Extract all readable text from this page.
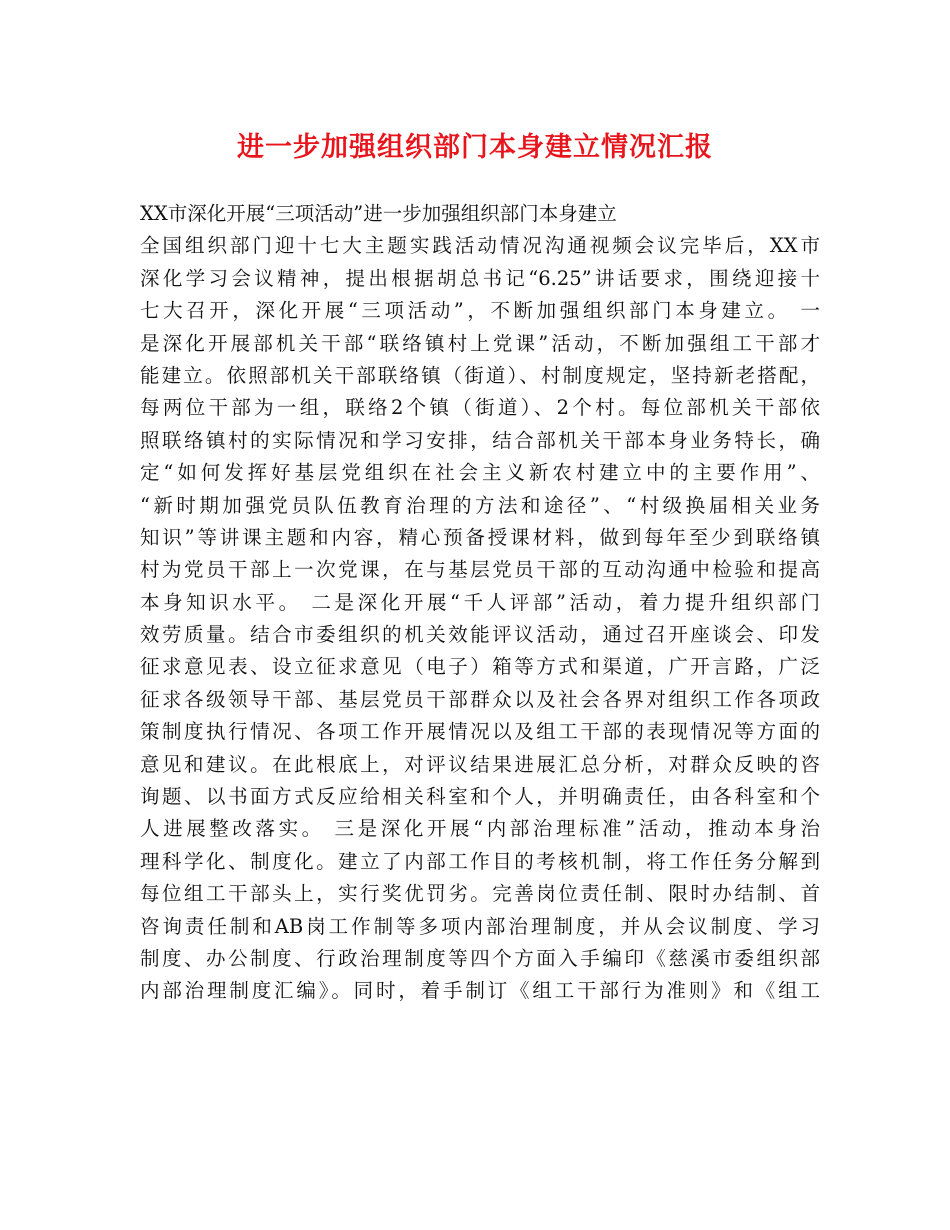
进一步加强组织部门本身建立情况汇报
XX市深化开展“三项活动”进一步加强组织部门本身建立
全国组织部门迎十七大主题实践活动情况沟通视频会议完毕后，XX市
深化学习会议精神，提出根据胡总书记“6.25”讲话要求，围绕迎接十
七大召开，深化开展“三项活动”，不断加强组织部门本身建立。 一
是深化开展部机关干部“联络镇村上党课”活动，不断加强组工干部才
能建立。依照部机关干部联络镇（街道）、村制度规定，坚持新老搭配，
每两位干部为一组，联络2个镇（街道）、2个村。每位部机关干部依
照联络镇村的实际情况和学习安排，结合部机关干部本身业务特长，确
定“如何发挥好基层党组织在社会主义新农村建立中的主要作用”、
“新时期加强党员队伍教育治理的方法和途径”、“村级换届相关业务
知识”等讲课主题和内容，精心预备授课材料，做到每年至少到联络镇
村为党员干部上一次党课，在与基层党员干部的互动沟通中检验和提高
本身知识水平。 二是深化开展“千人评部”活动，着力提升组织部门
效劳质量。结合市委组织的机关效能评议活动，通过召开座谈会、印发
征求意见表、设立征求意见（电子）箱等方式和渠道，广开言路，广泛
征求各级领导干部、基层党员干部群众以及社会各界对组织工作各项政
策制度执行情况、各项工作开展情况以及组工干部的表现情况等方面的
意见和建议。在此根底上，对评议结果进展汇总分析，对群众反映的咨
询题、以书面方式反应给相关科室和个人，并明确责任，由各科室和个
人进展整改落实。 三是深化开展“内部治理标准”活动，推动本身治
理科学化、制度化。建立了内部工作目的考核机制，将工作任务分解到
每位组工干部头上，实行奖优罚劣。完善岗位责任制、限时办结制、首
咨询责任制和AB岗工作制等多项内部治理制度，并从会议制度、学习
制度、办公制度、行政治理制度等四个方面入手编印《慈溪市委组织部
内部治理制度汇编》。同时，着手制订《组工干部行为准则》和《组工
